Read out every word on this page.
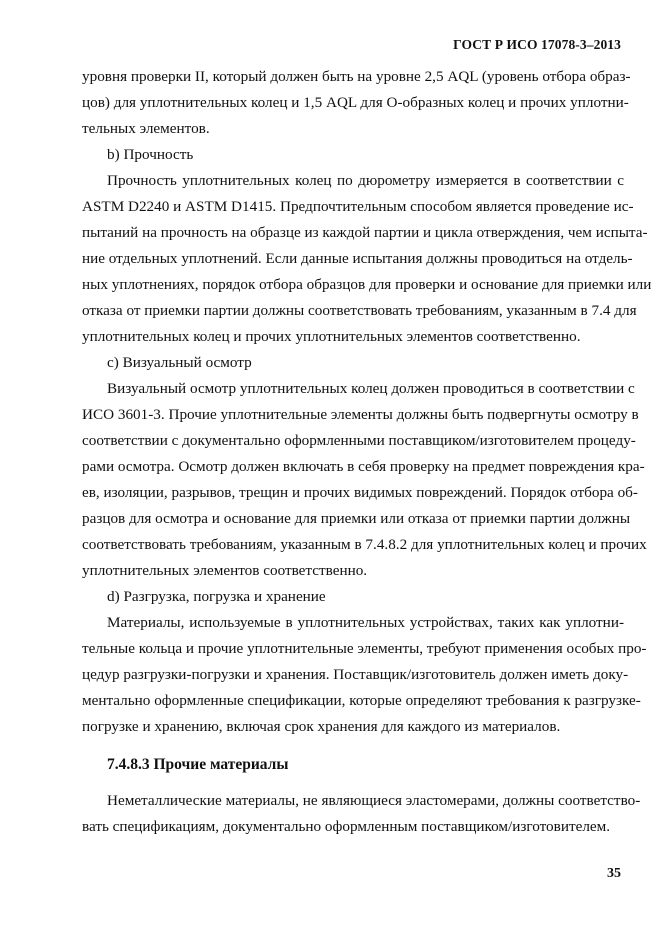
ГОСТ Р ИСО 17078-3–2013
уровня проверки II, который должен быть на уровне 2,5 AQL (уровень отбора образ-
цов) для уплотнительных колец и 1,5 AQL для О-образных колец и прочих уплотни-
тельных элементов.
b) Прочность
Прочность уплотнительных колец по дюрометру измеряется в соответствии с
ASTM D2240 и ASTM D1415. Предпочтительным способом является проведение ис-
пытаний на прочность на образце из каждой партии и цикла отверждения, чем испыта-
ние отдельных уплотнений. Если данные испытания должны проводиться на отдель-
ных уплотнениях, порядок отбора образцов для проверки и основание для приемки или
отказа от приемки партии должны соответствовать требованиям, указанным в 7.4 для
уплотнительных колец и прочих уплотнительных элементов соответственно.
c) Визуальный осмотр
Визуальный осмотр уплотнительных колец должен проводиться в соответствии с
ИСО 3601-3. Прочие уплотнительные элементы должны быть подвергнуты осмотру в
соответствии с документально оформленными поставщиком/изготовителем процеду-
рами осмотра. Осмотр должен включать в себя проверку на предмет повреждения кра-
ев, изоляции, разрывов, трещин и прочих видимых повреждений. Порядок отбора об-
разцов для осмотра и основание для приемки или отказа от приемки партии должны
соответствовать требованиям, указанным в 7.4.8.2 для уплотнительных колец и прочих
уплотнительных элементов соответственно.
d) Разгрузка, погрузка и хранение
Материалы, используемые в уплотнительных устройствах, таких как уплотни-
тельные кольца и прочие уплотнительные элементы, требуют применения особых про-
цедур разгрузки-погрузки и хранения. Поставщик/изготовитель должен иметь доку-
ментально оформленные спецификации, которые определяют требования к разгрузке-
погрузке и хранению, включая срок хранения для каждого из материалов.
7.4.8.3 Прочие материалы
Неметаллические материалы, не являющиеся эластомерами, должны соответство-
вать спецификациям, документально оформленным поставщиком/изготовителем.
35
